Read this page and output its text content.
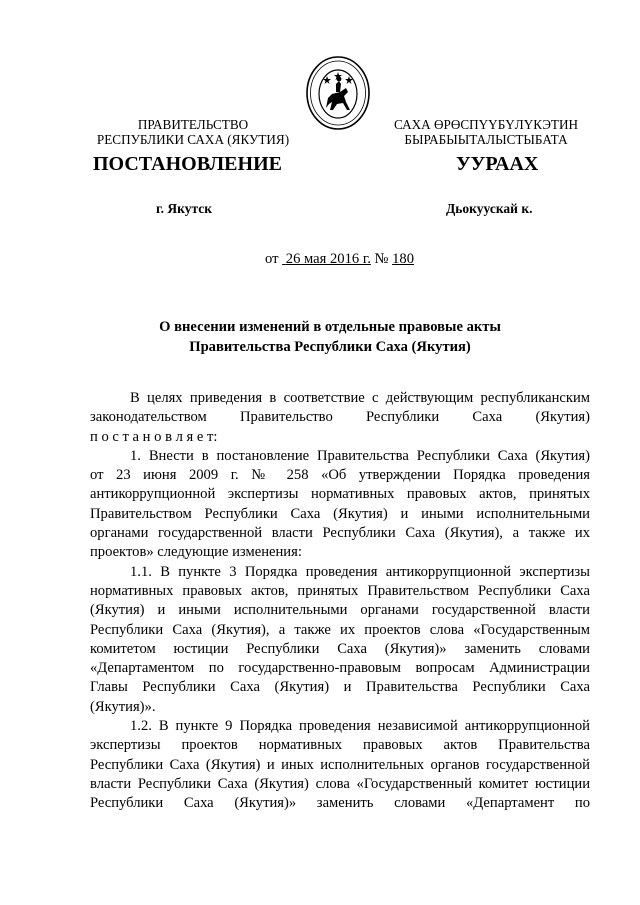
ПРАВИТЕЛЬСТВО
РЕСПУБЛИКИ САХА (ЯКУТИЯ)
САХА ӨРӨСПҮҮБҮЛҮКЭТИН
БЫРАБЫЫТАЛЫСТЫБАТА
ПОСТАНОВЛЕНИЕ	УУРААХ
г. Якутск	Дьокуускай к.
от 26 мая 2016 г. № 180
О внесении изменений в отдельные правовые акты
Правительства Республики Саха (Якутия)
В целях приведения в соответствие с действующим республиканским
законодательством Правительство Республики Саха (Якутия)
п о с т а н о в л я е т:
1. Внести в постановление Правительства Республики Саха (Якутия)
от 23 июня 2009 г. № 258 «Об утверждении Порядка проведения
антикоррупционной экспертизы нормативных правовых актов, принятых
Правительством Республики Саха (Якутия) и иными исполнительными
органами государственной власти Республики Саха (Якутия), а также их
проектов» следующие изменения:
1.1. В пункте 3 Порядка проведения антикоррупционной экспертизы
нормативных правовых актов, принятых Правительством Республики Саха
(Якутия) и иными исполнительными органами государственной власти
Республики Саха (Якутия), а также их проектов слова «Государственным
комитетом юстиции Республики Саха (Якутия)» заменить словами
«Департаментом по государственно-правовым вопросам Администрации
Главы Республики Саха (Якутия) и Правительства Республики Саха
(Якутия)».
1.2. В пункте 9 Порядка проведения независимой антикоррупционной
экспертизы проектов нормативных правовых актов Правительства
Республики Саха (Якутия) и иных исполнительных органов государственной
власти Республики Саха (Якутия) слова «Государственный комитет юстиции
Республики Саха (Якутия)» заменить словами «Департамент по
